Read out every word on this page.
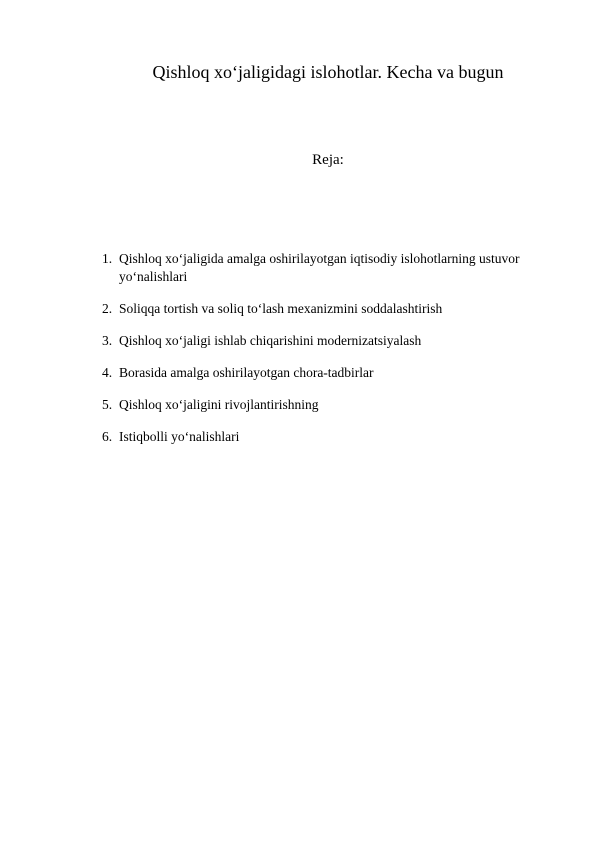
Qishloq xo‘jaligidagi islohotlar. Kecha va bugun
Reja:
1. Qishloq xo‘jaligida amalga oshirilayotgan iqtisodiy islohotlarning ustuvor yo‘nalishlari
2. Soliqqa tortish va soliq to‘lash mexanizmini soddalashtirish
3. Qishloq xo‘jaligi ishlab chiqarishini modernizatsiyalash
4. Borasida amalga oshirilayotgan chora-tadbirlar
5. Qishloq xo‘jaligini rivojlantirishning
6. Istiqbolli yo‘nalishlari
